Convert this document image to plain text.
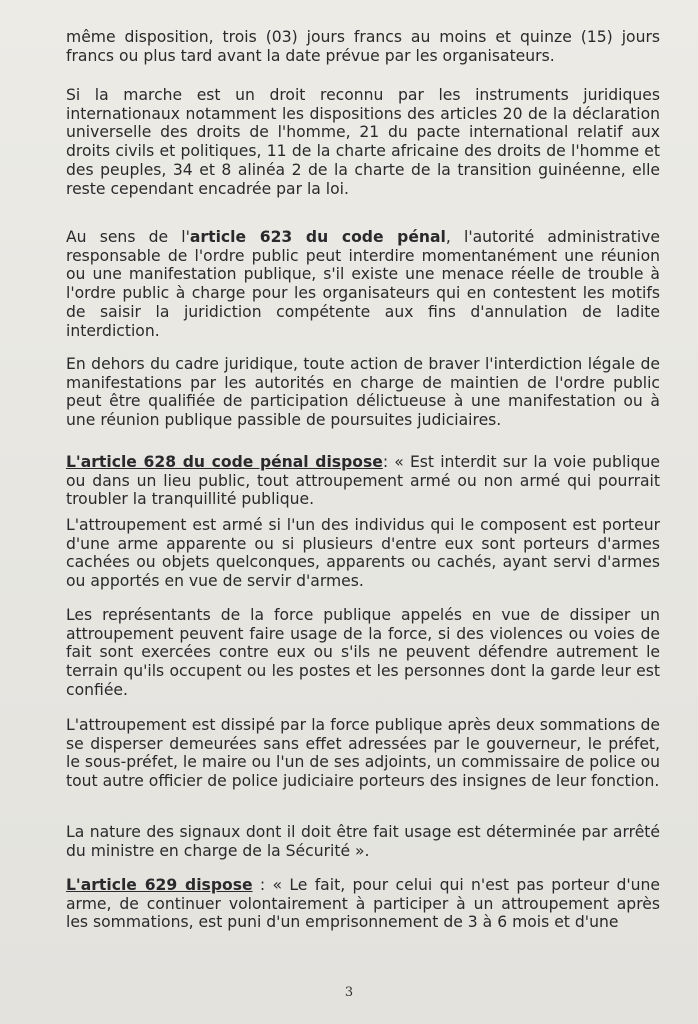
même disposition, trois (03) jours francs au moins et quinze (15) jours francs ou plus tard avant la date prévue par les organisateurs.

Si la marche est un droit reconnu par les instruments juridiques internationaux notamment les dispositions des articles 20 de la déclaration universelle des droits de l'homme, 21 du pacte international relatif aux droits civils et politiques, 11 de la charte africaine des droits de l'homme et des peuples, 34 et 8 alinéa 2 de la charte de la transition guinéenne, elle reste cependant encadrée par la loi.

Au sens de l'article 623 du code pénal, l'autorité administrative responsable de l'ordre public peut interdire momentanément une réunion ou une manifestation publique, s'il existe une menace réelle de trouble à l'ordre public à charge pour les organisateurs qui en contestent les motifs de saisir la juridiction compétente aux fins d'annulation de ladite interdiction.

En dehors du cadre juridique, toute action de braver l'interdiction légale de manifestations par les autorités en charge de maintien de l'ordre public peut être qualifiée de participation délictueuse à une manifestation ou à une réunion publique passible de poursuites judiciaires.

L'article 628 du code pénal dispose: « Est interdit sur la voie publique ou dans un lieu public, tout attroupement armé ou non armé qui pourrait troubler la tranquillité publique.

L'attroupement est armé si l'un des individus qui le composent est porteur d'une arme apparente ou si plusieurs d'entre eux sont porteurs d'armes cachées ou objets quelconques, apparents ou cachés, ayant servi d'armes ou apportés en vue de servir d'armes.

Les représentants de la force publique appelés en vue de dissiper un attroupement peuvent faire usage de la force, si des violences ou voies de fait sont exercées contre eux ou s'ils ne peuvent défendre autrement le terrain qu'ils occupent ou les postes et les personnes dont la garde leur est confiée.

L'attroupement est dissipé par la force publique après deux sommations de se disperser demeurées sans effet adressées par le gouverneur, le préfet, le sous-préfet, le maire ou l'un de ses adjoints, un commissaire de police ou tout autre officier de police judiciaire porteurs des insignes de leur fonction.

La nature des signaux dont il doit être fait usage est déterminée par arrêté du ministre en charge de la Sécurité ».

L'article 629 dispose : « Le fait, pour celui qui n'est pas porteur d'une arme, de continuer volontairement à participer à un attroupement après les sommations, est puni d'un emprisonnement de 3 à 6 mois et d'une

3
